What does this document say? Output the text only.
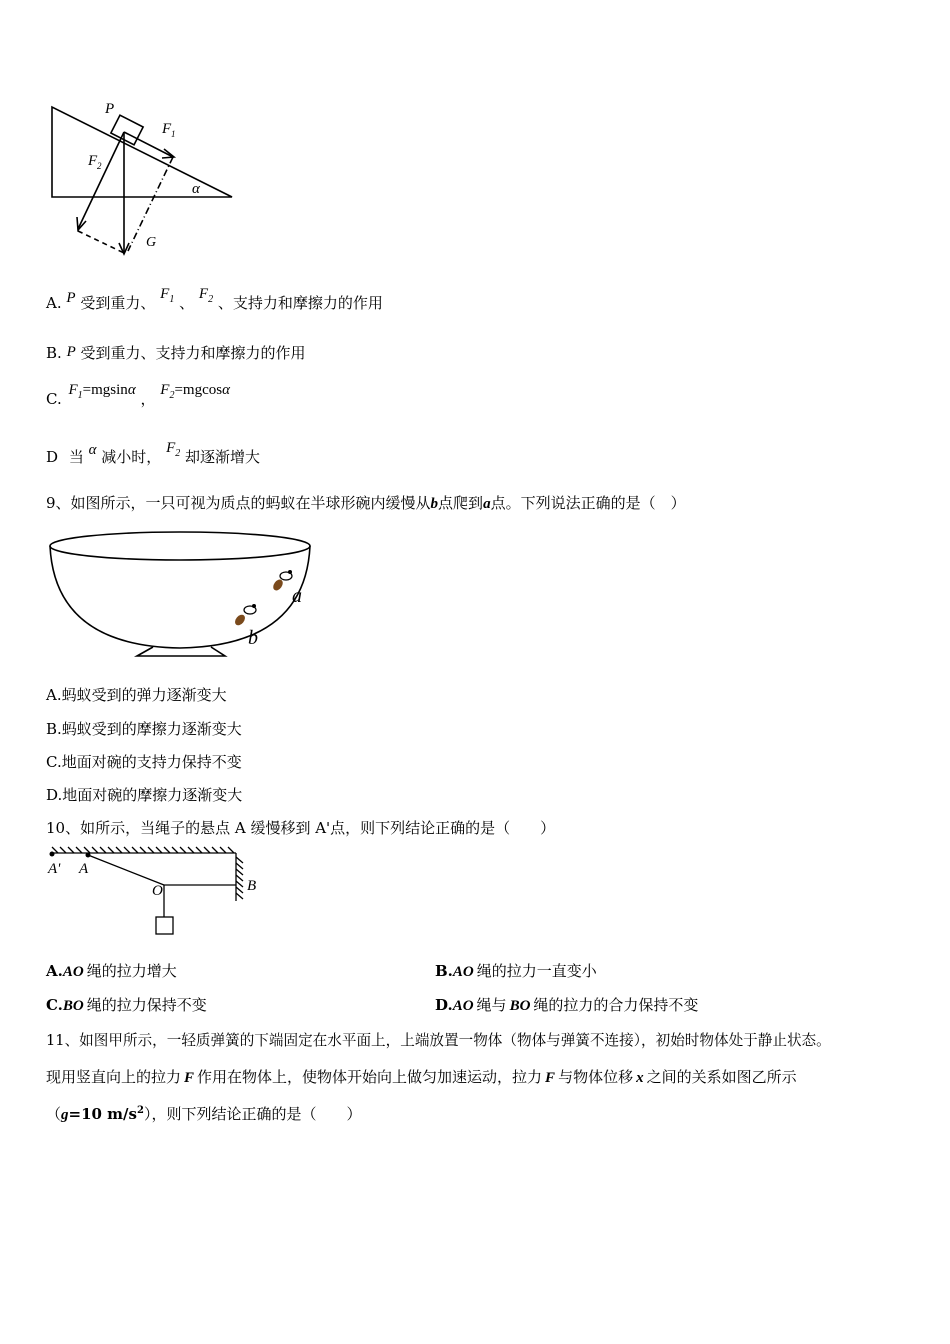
P
F 1
F 2
α
G
A. P 受到重力、 $F_1$ 、 $F_2$ 、支持力和摩擦力的作用
B. P 受到重力、支持力和摩擦力的作用
C. $F_1=mgsin\alpha$ ， $F_2=mgcos\alpha$
D 当 α 减小时， $F_2$ 却逐渐增大
9、如图所示，一只可视为质点的蚂蚁在半球形碗内缓慢从b点爬到a点。下列说法正确的是（　）
a
b
A.蚂蚁受到的弹力逐渐变大
B.蚂蚁受到的摩擦力逐渐变大
C.地面对碗的支持力保持不变
D.地面对碗的摩擦力逐渐变大
10、如所示，当绳子的悬点 A 缓慢移到 A'点，则下列结论正确的是（　　）
A' A
O	B
A.AO 绳的拉力增大	B.AO 绳的拉力一直变小
C.BO 绳的拉力保持不变	D.AO 绳与 BO 绳的拉力的合力保持不变
11、如图甲所示，一轻质弹簧的下端固定在水平面上，上端放置一物体（物体与弹簧不连接），初始时物体处于静止状态。
现用竖直向上的拉力 F 作用在物体上，使物体开始向上做匀加速运动，拉力 F 与物体位移 x 之间的关系如图乙所示
（g=10 $m/s^2$），则下列结论正确的是（　　）
